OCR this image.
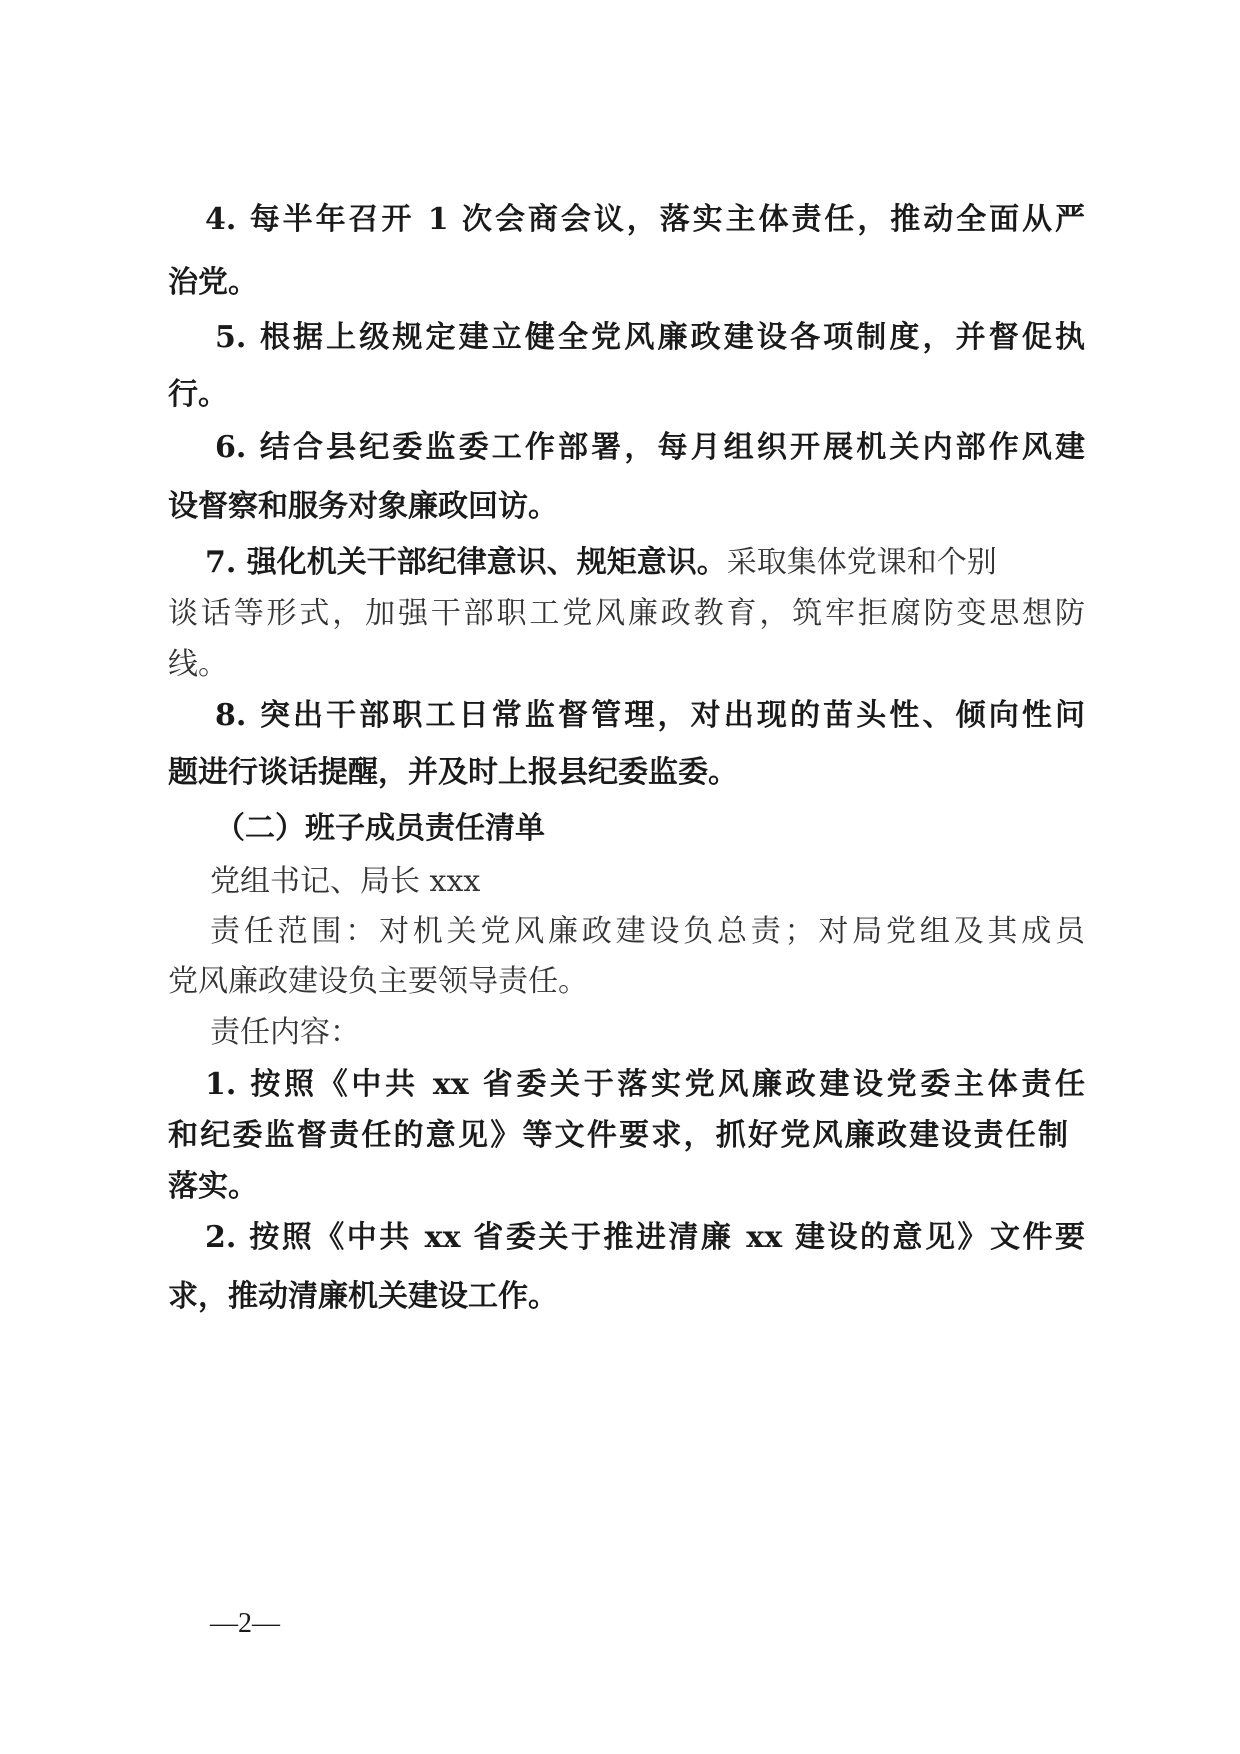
4. 每半年召开 1 次会商会议，落实主体责任，推动全面从严
治党。
5. 根据上级规定建立健全党风廉政建设各项制度，并督促执
行。
6. 结合县纪委监委工作部署，每月组织开展机关内部作风建
设督察和服务对象廉政回访。
7. 强化机关干部纪律意识、规矩意识。采取集体党课和个别
谈话等形式，加强干部职工党风廉政教育，筑牢拒腐防变思想防
线。
8. 突出干部职工日常监督管理，对出现的苗头性、倾向性问
题进行谈话提醒，并及时上报县纪委监委。
（二）班子成员责任清单
党组书记、局长 xxx
责任范围：对机关党风廉政建设负总责；对局党组及其成员
党风廉政建设负主要领导责任。
责任内容：
1. 按照《中共 xx 省委关于落实党风廉政建设党委主体责任
和纪委监督责任的意见》等文件要求，抓好党风廉政建设责任制
落实。
2. 按照《中共 xx 省委关于推进清廉 xx 建设的意见》文件要
求，推动清廉机关建设工作。
—2—
